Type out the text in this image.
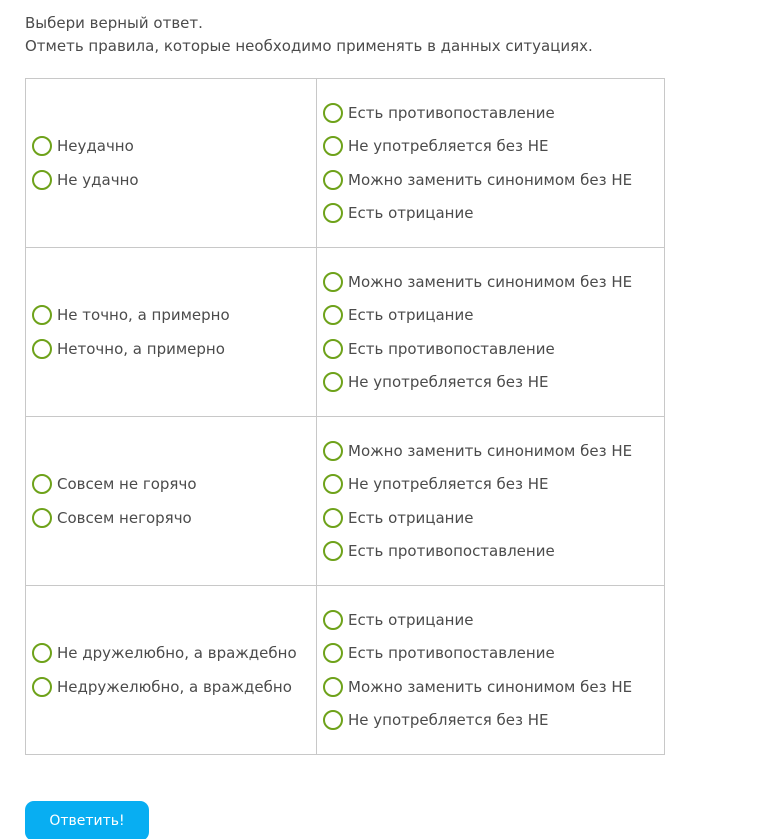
Выбери верный ответ.
Отметь правила, которые необходимо применять в данных ситуациях.
Неудачно
Не удачно	Есть противопоставление
Не употребляется без НЕ
Можно заменить синонимом без НЕ
Есть отрицание

Не точно, а примерно
Неточно, а примерно	Можно заменить синонимом без НЕ
Есть отрицание
Есть противопоставление
Не употребляется без НЕ

Совсем не горячо
Совсем негорячо	Можно заменить синонимом без НЕ
Не употребляется без НЕ
Есть отрицание
Есть противопоставление

Не дружелюбно, а враждебно
Недружелюбно, а враждебно	Есть отрицание
Есть противопоставление
Можно заменить синонимом без НЕ
Не употребляется без НЕ
Ответить!
